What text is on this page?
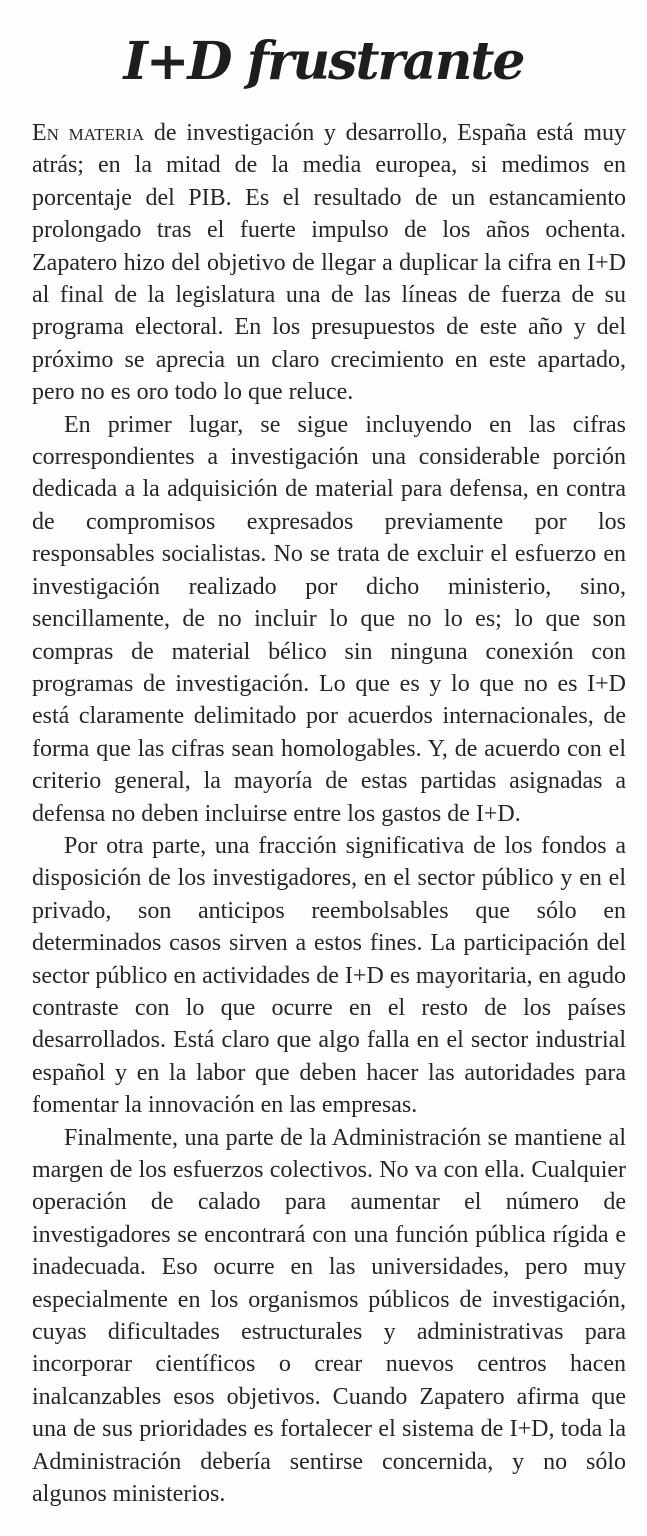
I+D frustrante

En materia de investigación y desarrollo, España está muy atrás; en la mitad de la media europea, si medimos en porcentaje del PIB. Es el resultado de un estancamiento prolongado tras el fuerte impulso de los años ochenta. Zapatero hizo del objetivo de llegar a duplicar la cifra en I+D al final de la legislatura una de las líneas de fuerza de su programa electoral. En los presupuestos de este año y del próximo se aprecia un claro crecimiento en este apartado, pero no es oro todo lo que reluce.

En primer lugar, se sigue incluyendo en las cifras correspondientes a investigación una considerable porción dedicada a la adquisición de material para defensa, en contra de compromisos expresados previamente por los responsables socialistas. No se trata de excluir el esfuerzo en investigación realizado por dicho ministerio, sino, sencillamente, de no incluir lo que no lo es; lo que son compras de material bélico sin ninguna conexión con programas de investigación. Lo que es y lo que no es I+D está claramente delimitado por acuerdos internacionales, de forma que las cifras sean homologables. Y, de acuerdo con el criterio general, la mayoría de estas partidas asignadas a defensa no deben incluirse entre los gastos de I+D.

Por otra parte, una fracción significativa de los fondos a disposición de los investigadores, en el sector público y en el privado, son anticipos reembolsables que sólo en determinados casos sirven a estos fines. La participación del sector público en actividades de I+D es mayoritaria, en agudo contraste con lo que ocurre en el resto de los países desarrollados. Está claro que algo falla en el sector industrial español y en la labor que deben hacer las autoridades para fomentar la innovación en las empresas.

Finalmente, una parte de la Administración se mantiene al margen de los esfuerzos colectivos. No va con ella. Cualquier operación de calado para aumentar el número de investigadores se encontrará con una función pública rígida e inadecuada. Eso ocurre en las universidades, pero muy especialmente en los organismos públicos de investigación, cuyas dificultades estructurales y administrativas para incorporar científicos o crear nuevos centros hacen inalcanzables esos objetivos. Cuando Zapatero afirma que una de sus prioridades es fortalecer el sistema de I+D, toda la Administración debería sentirse concernida, y no sólo algunos ministerios.
